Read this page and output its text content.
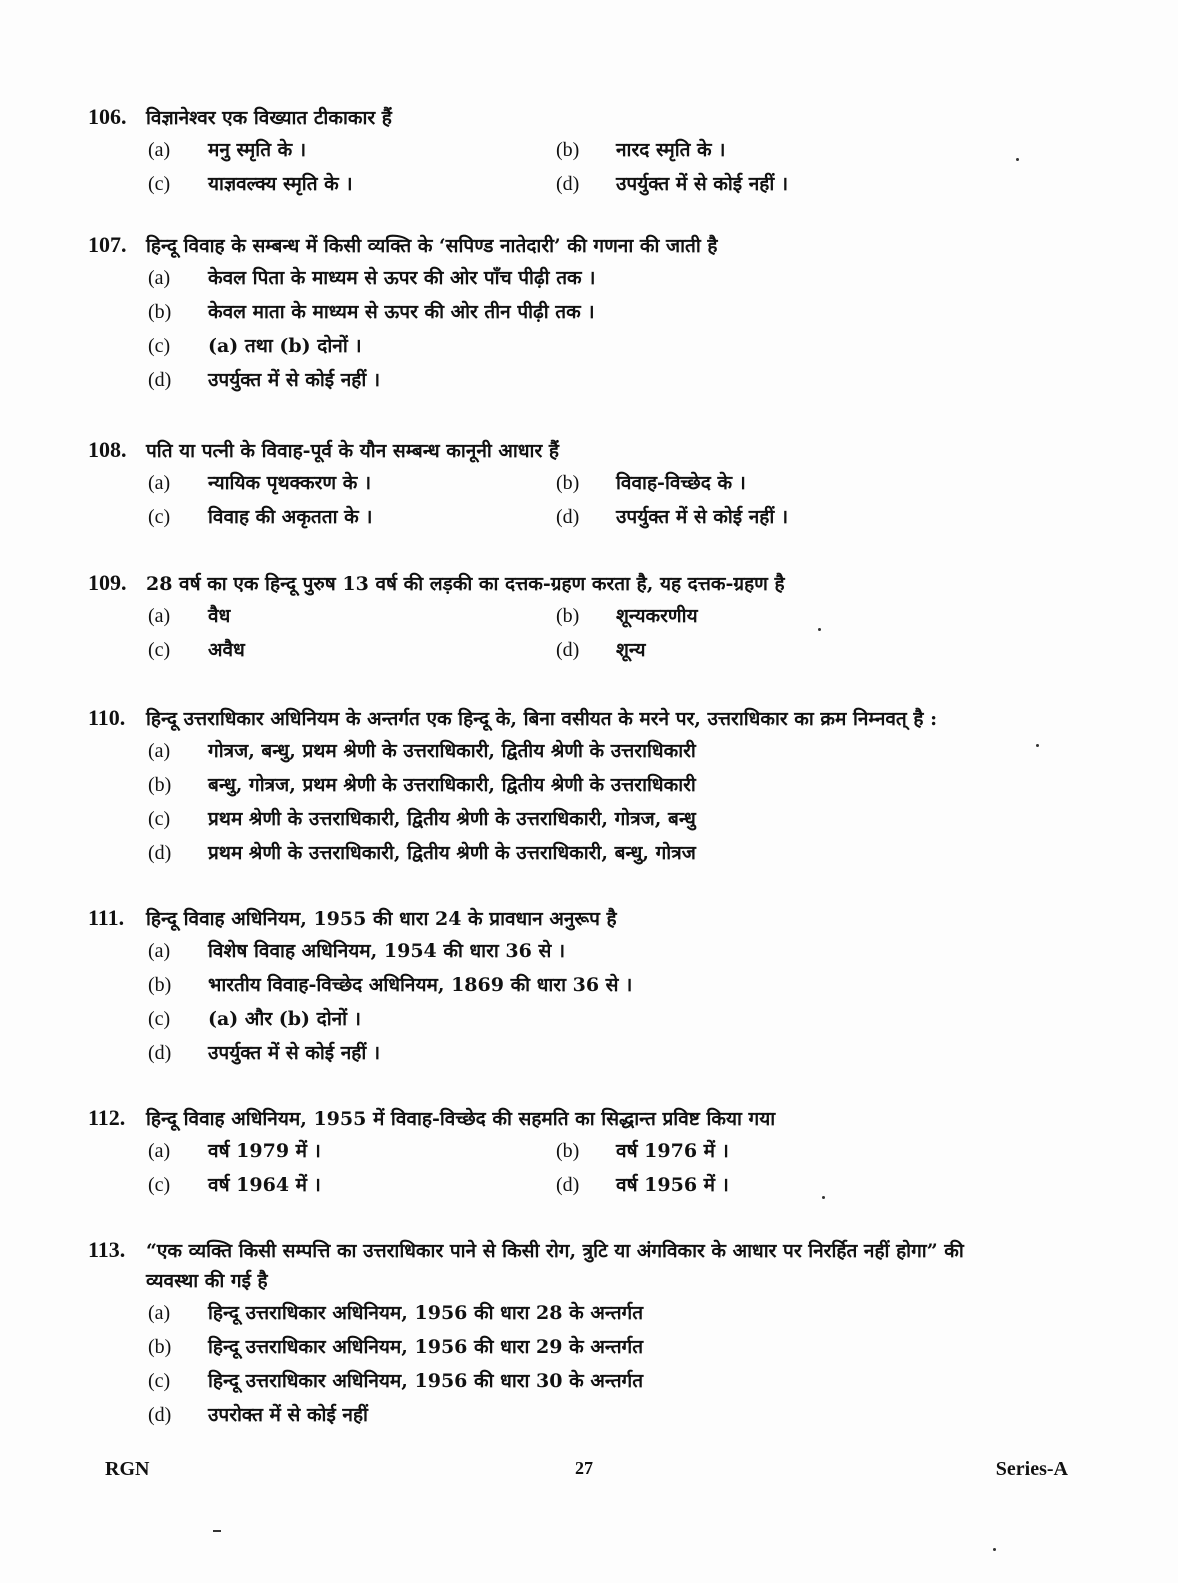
106.	विज्ञानेश्वर एक विख्यात टीकाकार हैं
(a)	मनु स्मृति के ।	(b)	नारद स्मृति के ।
(c)	याज्ञवल्क्य स्मृति के ।	(d)	उपर्युक्त में से कोई नहीं ।
107.	हिन्दू विवाह के सम्बन्ध में किसी व्यक्ति के ‘सपिण्ड नातेदारी’ की गणना की जाती है
(a)	केवल पिता के माध्यम से ऊपर की ओर पाँच पीढ़ी तक ।
(b)	केवल माता के माध्यम से ऊपर की ओर तीन पीढ़ी तक ।
(c)	(a) तथा (b) दोनों ।
(d)	उपर्युक्त में से कोई नहीं ।
108.	पति या पत्नी के विवाह-पूर्व के यौन सम्बन्ध कानूनी आधार हैं
(a)	न्यायिक पृथक्करण के ।	(b)	विवाह-विच्छेद के ।
(c)	विवाह की अकृतता के ।	(d)	उपर्युक्त में से कोई नहीं ।
109.	28 वर्ष का एक हिन्दू पुरुष 13 वर्ष की लड़की का दत्तक-ग्रहण करता है, यह दत्तक-ग्रहण है
(a)	वैध	(b)	शून्यकरणीय
(c)	अवैध	(d)	शून्य
110.	हिन्दू उत्तराधिकार अधिनियम के अन्तर्गत एक हिन्दू के, बिना वसीयत के मरने पर, उत्तराधिकार का क्रम निम्नवत् है :
(a)	गोत्रज, बन्धु, प्रथम श्रेणी के उत्तराधिकारी, द्वितीय श्रेणी के उत्तराधिकारी
(b)	बन्धु, गोत्रज, प्रथम श्रेणी के उत्तराधिकारी, द्वितीय श्रेणी के उत्तराधिकारी
(c)	प्रथम श्रेणी के उत्तराधिकारी, द्वितीय श्रेणी के उत्तराधिकारी, गोत्रज, बन्धु
(d)	प्रथम श्रेणी के उत्तराधिकारी, द्वितीय श्रेणी के उत्तराधिकारी, बन्धु, गोत्रज
111.	हिन्दू विवाह अधिनियम, 1955 की धारा 24 के प्रावधान अनुरूप है
(a)	विशेष विवाह अधिनियम, 1954 की धारा 36 से ।
(b)	भारतीय विवाह-विच्छेद अधिनियम, 1869 की धारा 36 से ।
(c)	(a) और (b) दोनों ।
(d)	उपर्युक्त में से कोई नहीं ।
112.	हिन्दू विवाह अधिनियम, 1955 में विवाह-विच्छेद की सहमति का सिद्धान्त प्रविष्ट किया गया
(a)	वर्ष 1979 में ।	(b)	वर्ष 1976 में ।
(c)	वर्ष 1964 में ।	(d)	वर्ष 1956 में ।
113.	“एक व्यक्ति किसी सम्पत्ति का उत्तराधिकार पाने से किसी रोग, त्रुटि या अंगविकार के आधार पर निरर्हित नहीं होगा” की
व्यवस्था की गई है
(a)	हिन्दू उत्तराधिकार अधिनियम, 1956 की धारा 28 के अन्तर्गत
(b)	हिन्दू उत्तराधिकार अधिनियम, 1956 की धारा 29 के अन्तर्गत
(c)	हिन्दू उत्तराधिकार अधिनियम, 1956 की धारा 30 के अन्तर्गत
(d)	उपरोक्त में से कोई नहीं
RGN	27	Series-A
